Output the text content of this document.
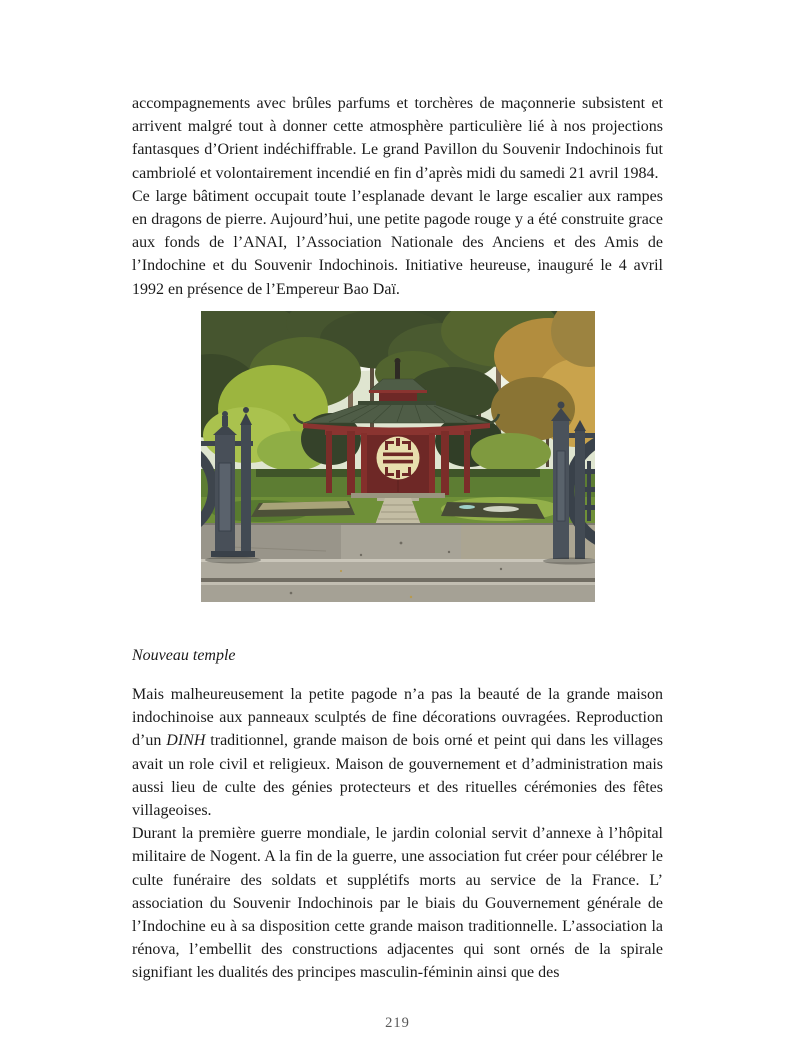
accompagnements avec brûles parfums et torchères de maçonnerie subsistent et arrivent malgré tout à donner cette atmosphère particulière lié à nos projections fantasques d’Orient indéchiffrable. Le grand Pavillon du Souvenir Indochinois fut cambriolé et volontairement incendié en fin d’après midi du samedi 21 avril 1984.

Ce large bâtiment occupait toute l’esplanade devant le large escalier aux rampes en dragons de pierre. Aujourd’hui, une petite pagode rouge y a été construite grace aux fonds de l’ANAI, l’Association Nationale des Anciens et des Amis de l’Indochine et du Souvenir Indochinois. Initiative heureuse, inauguré le 4 avril 1992 en présence de l’Empereur Bao Daï.

Nouveau temple

Mais malheureusement la petite pagode n’a pas la beauté de la grande maison indochinoise aux panneaux sculptés de fine décorations ouvragées. Reproduction d’un DINH traditionnel, grande maison de bois orné et peint qui dans les villages avait un role civil et religieux. Maison de gouvernement et d’administration mais aussi lieu de culte des génies protecteurs et des rituelles cérémonies des fêtes villageoises.

Durant la première guerre mondiale, le jardin colonial servit d’annexe à l’hôpital militaire de Nogent. A la fin de la guerre, une association fut créer pour célébrer le culte funéraire des soldats et supplétifs morts au service de la France. L’ association du Souvenir Indochinois par le biais du Gouvernement générale de l’Indochine eu à sa disposition cette grande maison traditionnelle. L’association la rénova, l’embellit des constructions adjacentes qui sont ornés de la spirale signifiant les dualités des principes masculin-féminin ainsi que des

219
